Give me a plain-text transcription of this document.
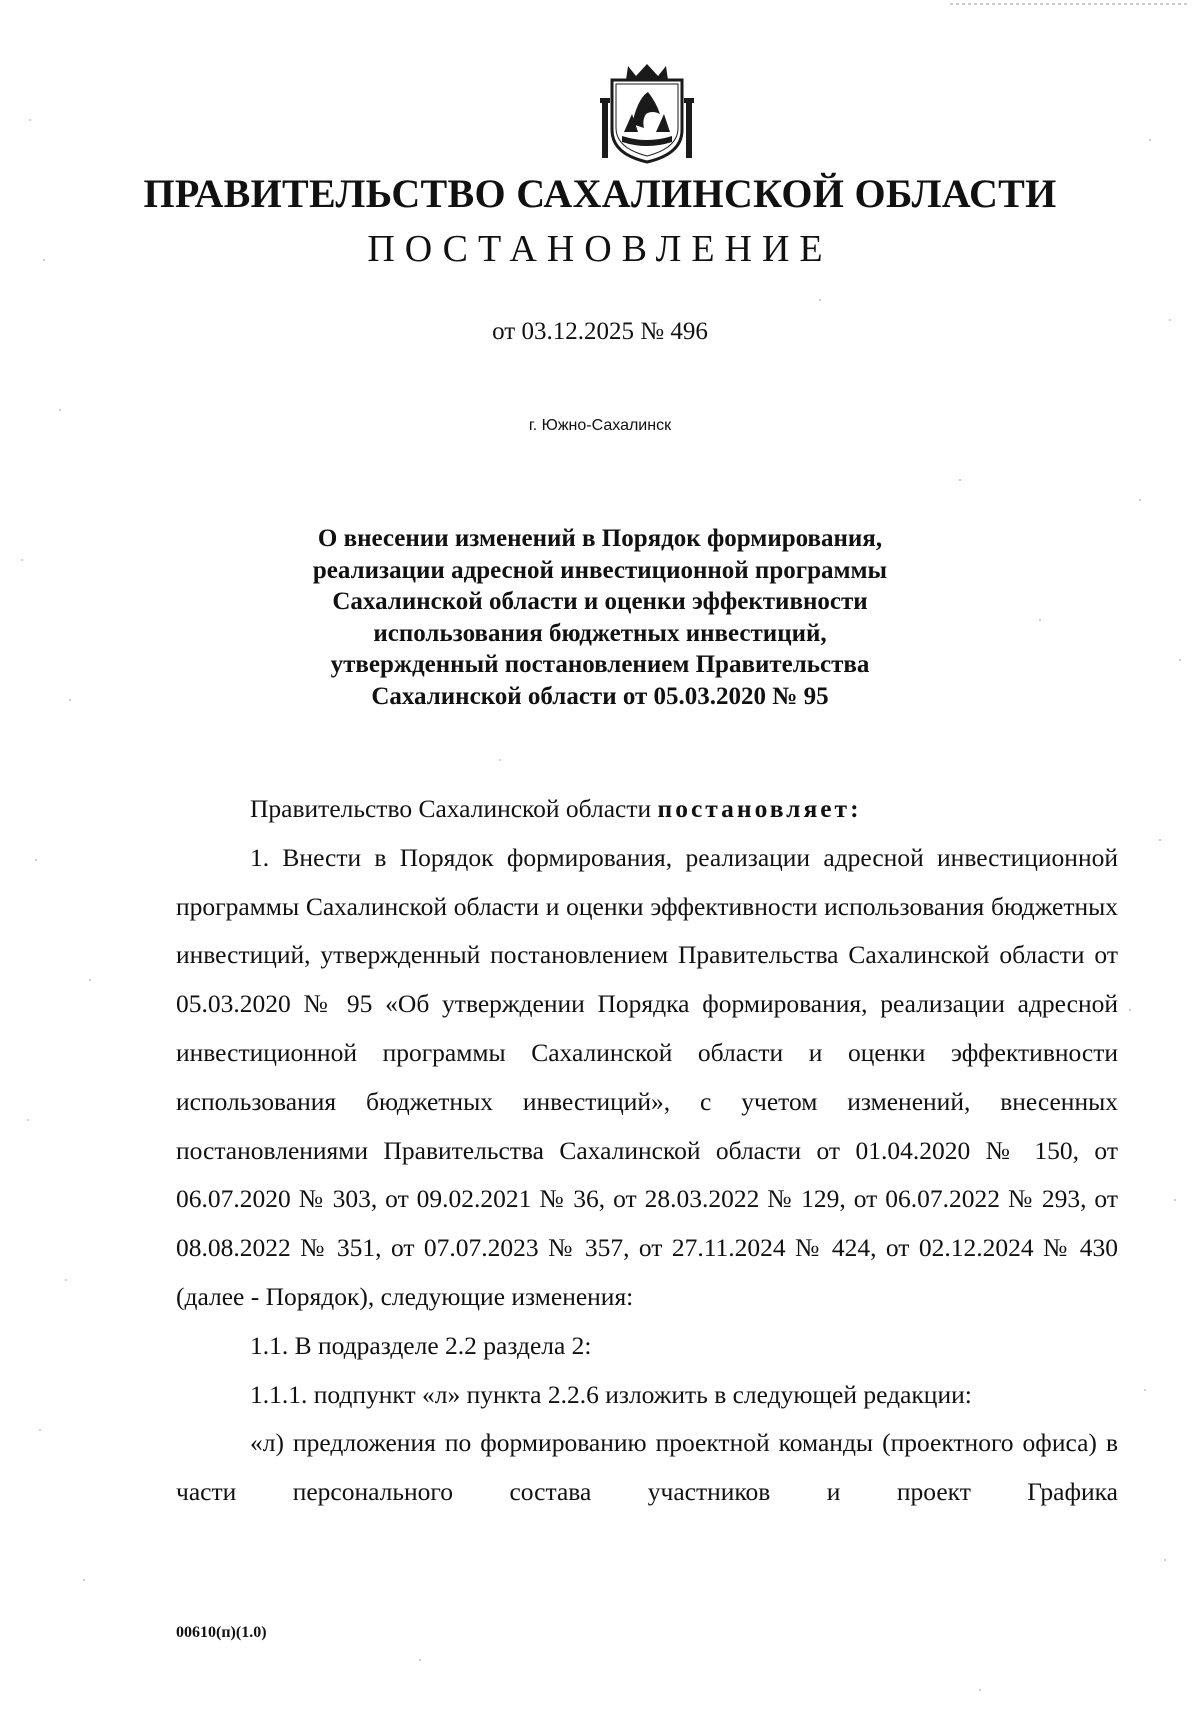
ПРАВИТЕЛЬСТВО САХАЛИНСКОЙ ОБЛАСТИ
ПОСТАНОВЛЕНИЕ
от 03.12.2025 № 496
г. Южно-Сахалинск
О внесении изменений в Порядок формирования,
реализации адресной инвестиционной программы
Сахалинской области и оценки эффективности
использования бюджетных инвестиций,
утвержденный постановлением Правительства
Сахалинской области от 05.03.2020 № 95

Правительство Сахалинской области постановляет:

1. Внести в Порядок формирования, реализации адресной инвестиционной программы Сахалинской области и оценки эффективности использования бюджетных инвестиций, утвержденный постановлением Правительства Сахалинской области от 05.03.2020 № 95 «Об утверждении Порядка формирования, реализации адресной инвестиционной программы Сахалинской области и оценки эффективности использования бюджетных инвестиций», с учетом изменений, внесенных постановлениями Правительства Сахалинской области от 01.04.2020 № 150, от 06.07.2020 № 303, от 09.02.2021 № 36, от 28.03.2022 № 129, от 06.07.2022 № 293, от 08.08.2022 № 351, от 07.07.2023 № 357, от 27.11.2024 № 424, от 02.12.2024 № 430 (далее - Порядок), следующие изменения:

1.1. В подразделе 2.2 раздела 2:

1.1.1. подпункт «л» пункта 2.2.6 изложить в следующей редакции:

«л) предложения по формированию проектной команды (проектного офиса) в части персонального состава участников и проект Графика

00610(п)(1.0)
